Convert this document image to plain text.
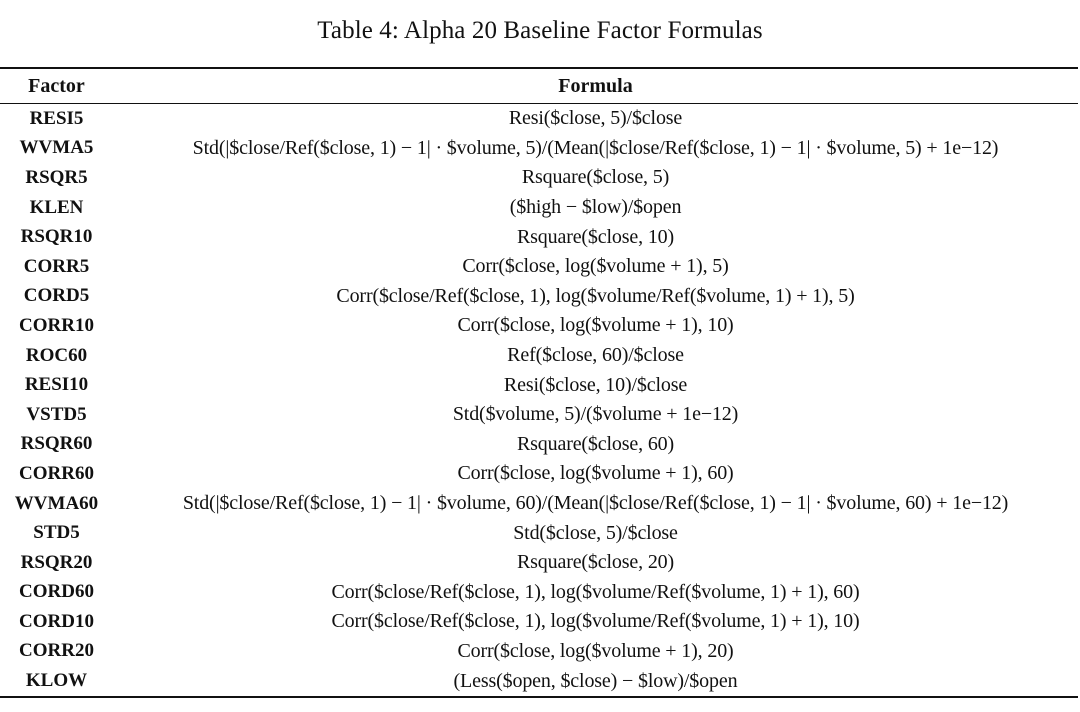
Table 4: Alpha 20 Baseline Factor Formulas
Factor	Formula
RESI5	Resi($close, 5)/$close
WVMA5	Std(|$close/Ref($close, 1) − 1| · $volume, 5)/(Mean(|$close/Ref($close, 1) − 1| · $volume, 5) + 1e−12)
RSQR5	Rsquare($close, 5)
KLEN	($high − $low)/$open
RSQR10	Rsquare($close, 10)
CORR5	Corr($close, log($volume + 1), 5)
CORD5	Corr($close/Ref($close, 1), log($volume/Ref($volume, 1) + 1), 5)
CORR10	Corr($close, log($volume + 1), 10)
ROC60	Ref($close, 60)/$close
RESI10	Resi($close, 10)/$close
VSTD5	Std($volume, 5)/($volume + 1e−12)
RSQR60	Rsquare($close, 60)
CORR60	Corr($close, log($volume + 1), 60)
WVMA60	Std(|$close/Ref($close, 1) − 1| · $volume, 60)/(Mean(|$close/Ref($close, 1) − 1| · $volume, 60) + 1e−12)
STD5	Std($close, 5)/$close
RSQR20	Rsquare($close, 20)
CORD60	Corr($close/Ref($close, 1), log($volume/Ref($volume, 1) + 1), 60)
CORD10	Corr($close/Ref($close, 1), log($volume/Ref($volume, 1) + 1), 10)
CORR20	Corr($close, log($volume + 1), 20)
KLOW	(Less($open, $close) − $low)/$open
